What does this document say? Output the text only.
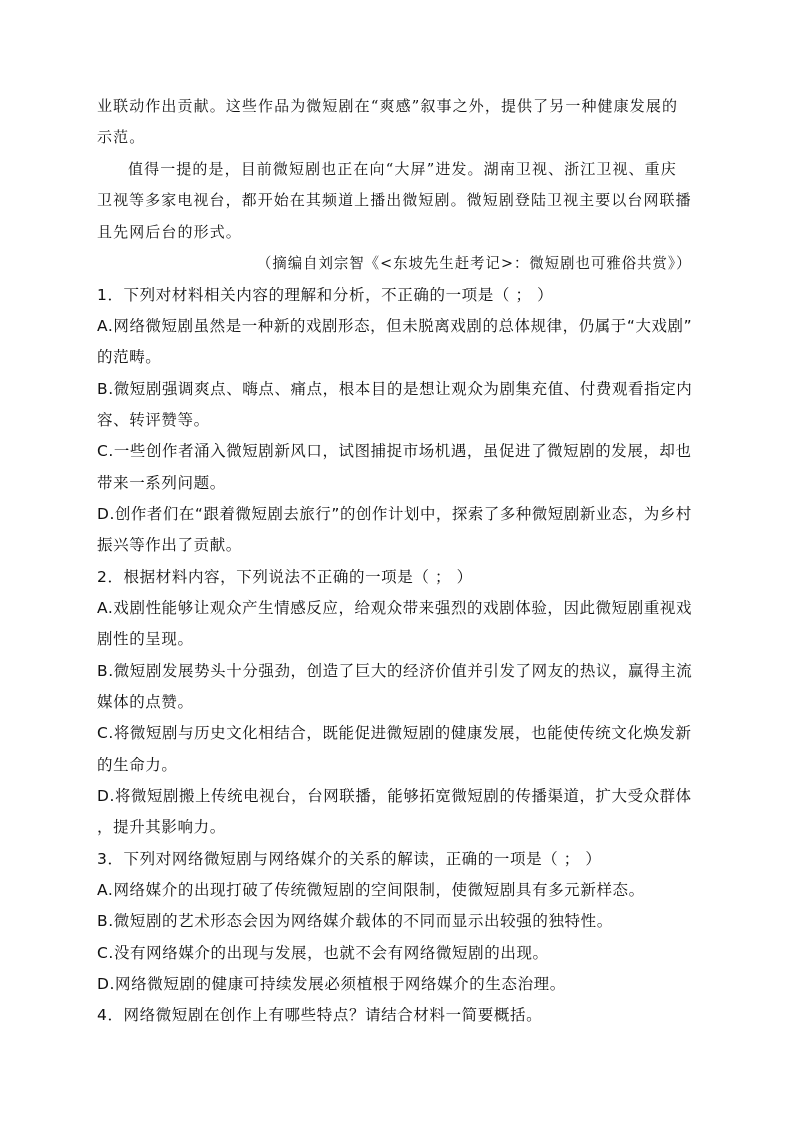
业联动作出贡献。这些作品为微短剧在“爽感”叙事之外，提供了另一种健康发展的
示范。
值得一提的是，目前微短剧也正在向“大屏”进发。湖南卫视、浙江卫视、重庆
卫视等多家电视台，都开始在其频道上播出微短剧。微短剧登陆卫视主要以台网联播
且先网后台的形式。
（摘编自刘宗智《<东坡先生赶考记>：微短剧也可雅俗共赏》）
1．下列对材料相关内容的理解和分析，不正确的一项是（ ； ）
A.网络微短剧虽然是一种新的戏剧形态，但未脱离戏剧的总体规律，仍属于“大戏剧”
的范畴。
B.微短剧强调爽点、嗨点、痛点，根本目的是想让观众为剧集充值、付费观看指定内
容、转评赞等。
C.一些创作者涌入微短剧新风口，试图捕捉市场机遇，虽促进了微短剧的发展，却也
带来一系列问题。
D.创作者们在“跟着微短剧去旅行”的创作计划中，探索了多种微短剧新业态，为乡村
振兴等作出了贡献。
2．根据材料内容，下列说法不正确的一项是（ ； ）
A.戏剧性能够让观众产生情感反应，给观众带来强烈的戏剧体验，因此微短剧重视戏
剧性的呈现。
B.微短剧发展势头十分强劲，创造了巨大的经济价值并引发了网友的热议，赢得主流
媒体的点赞。
C.将微短剧与历史文化相结合，既能促进微短剧的健康发展，也能使传统文化焕发新
的生命力。
D.将微短剧搬上传统电视台，台网联播，能够拓宽微短剧的传播渠道，扩大受众群体
，提升其影响力。
3．下列对网络微短剧与网络媒介的关系的解读，正确的一项是（ ； ）
A.网络媒介的出现打破了传统微短剧的空间限制，使微短剧具有多元新样态。
B.微短剧的艺术形态会因为网络媒介载体的不同而显示出较强的独特性。
C.没有网络媒介的出现与发展，也就不会有网络微短剧的出现。
D.网络微短剧的健康可持续发展必须植根于网络媒介的生态治理。
4．网络微短剧在创作上有哪些特点？请结合材料一简要概括。
